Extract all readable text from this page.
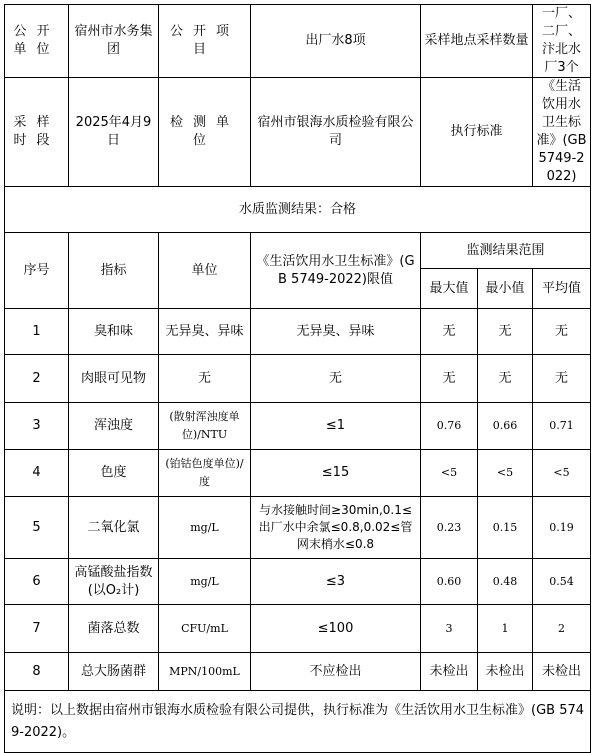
公开单位	宿州市水务集团	公开项目	出厂水8项	采样地点采样数量		一厂、二厂、汴北水厂3个
采样时段	2025年4月9日	检测单位	宿州市银海水质检验有限公司	执行标准		《生活饮用水卫生标准》(GB 5749-2022)
水质监测结果：合格						
序号	指标	单位	《生活饮用水卫生标准》(GB 5749-2022)限值	监测结果范围		
				最大值	最小值	平均值
1	臭和味	无异臭、异味	无异臭、异味	无	无	无
2	肉眼可见物	无	无	无	无	无
3	浑浊度	(散射浑浊度单位)/NTU	≤1	0.76	0.66	0.71
4	色度	(铂钴色度单位)/度	≤15	<5	<5	<5
5	二氧化氯	mg/L	与水接触时间≥30min,0.1≤出厂水中余氯≤0.8,0.02≤管网末梢水≤0.8	0.23	0.15	0.19
6	高锰酸盐指数(以O₂计)	mg/L	≤3	0.60	0.48	0.54
7	菌落总数	CFU/mL	≤100	3	1	2
8	总大肠菌群	MPN/100mL	不应检出	未检出	未检出	未检出
说明：以上数据由宿州市银海水质检验有限公司提供，执行标准为《生活饮用水卫生标准》(GB 5749-2022)。						
